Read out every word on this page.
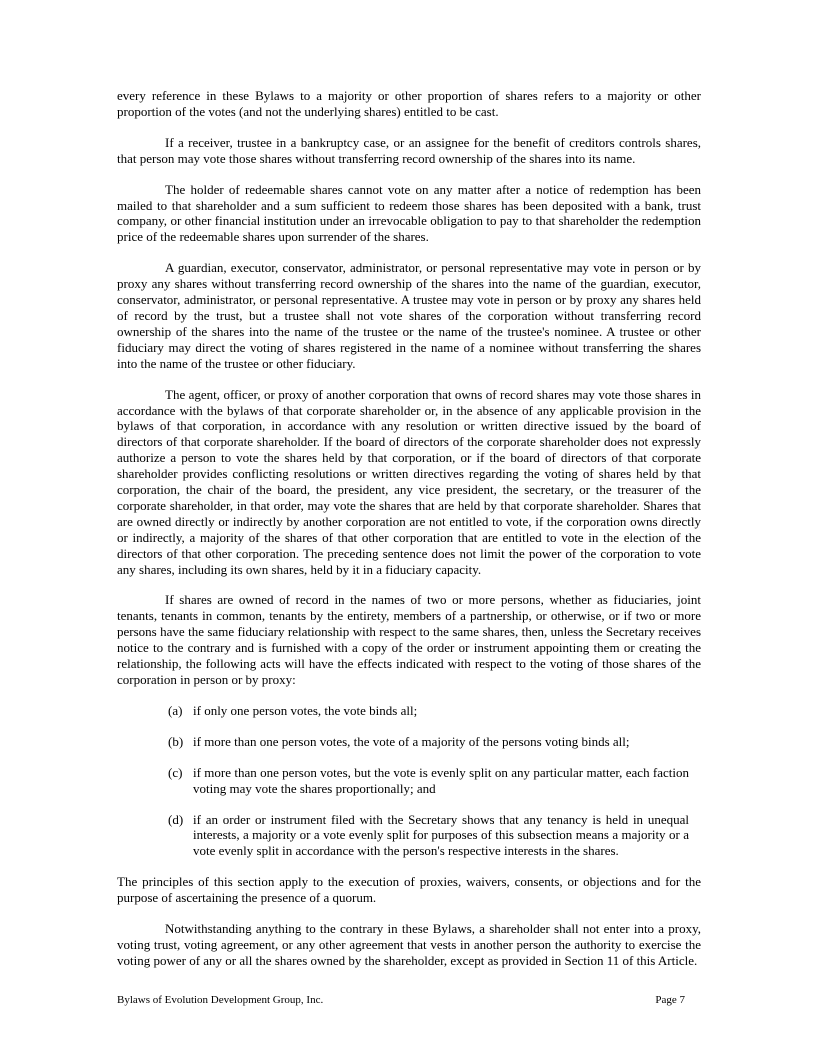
every reference in these Bylaws to a majority or other proportion of shares refers to a majority or other proportion of the votes (and not the underlying shares) entitled to be cast.

If a receiver, trustee in a bankruptcy case, or an assignee for the benefit of creditors controls shares, that person may vote those shares without transferring record ownership of the shares into its name.

The holder of redeemable shares cannot vote on any matter after a notice of redemption has been mailed to that shareholder and a sum sufficient to redeem those shares has been deposited with a bank, trust company, or other financial institution under an irrevocable obligation to pay to that shareholder the redemption price of the redeemable shares upon surrender of the shares.

A guardian, executor, conservator, administrator, or personal representative may vote in person or by proxy any shares without transferring record ownership of the shares into the name of the guardian, executor, conservator, administrator, or personal representative. A trustee may vote in person or by proxy any shares held of record by the trust, but a trustee shall not vote shares of the corporation without transferring record ownership of the shares into the name of the trustee or the name of the trustee's nominee. A trustee or other fiduciary may direct the voting of shares registered in the name of a nominee without transferring the shares into the name of the trustee or other fiduciary.

The agent, officer, or proxy of another corporation that owns of record shares may vote those shares in accordance with the bylaws of that corporate shareholder or, in the absence of any applicable provision in the bylaws of that corporation, in accordance with any resolution or written directive issued by the board of directors of that corporate shareholder. If the board of directors of the corporate shareholder does not expressly authorize a person to vote the shares held by that corporation, or if the board of directors of that corporate shareholder provides conflicting resolutions or written directives regarding the voting of shares held by that corporation, the chair of the board, the president, any vice president, the secretary, or the treasurer of the corporate shareholder, in that order, may vote the shares that are held by that corporate shareholder. Shares that are owned directly or indirectly by another corporation are not entitled to vote, if the corporation owns directly or indirectly, a majority of the shares of that other corporation that are entitled to vote in the election of the directors of that other corporation. The preceding sentence does not limit the power of the corporation to vote any shares, including its own shares, held by it in a fiduciary capacity.

If shares are owned of record in the names of two or more persons, whether as fiduciaries, joint tenants, tenants in common, tenants by the entirety, members of a partnership, or otherwise, or if two or more persons have the same fiduciary relationship with respect to the same shares, then, unless the Secretary receives notice to the contrary and is furnished with a copy of the order or instrument appointing them or creating the relationship, the following acts will have the effects indicated with respect to the voting of those shares of the corporation in person or by proxy:

(a) if only one person votes, the vote binds all;
(b) if more than one person votes, the vote of a majority of the persons voting binds all;
(c) if more than one person votes, but the vote is evenly split on any particular matter, each faction voting may vote the shares proportionally; and
(d) if an order or instrument filed with the Secretary shows that any tenancy is held in unequal interests, a majority or a vote evenly split for purposes of this subsection means a majority or a vote evenly split in accordance with the person's respective interests in the shares.

The principles of this section apply to the execution of proxies, waivers, consents, or objections and for the purpose of ascertaining the presence of a quorum.

Notwithstanding anything to the contrary in these Bylaws, a shareholder shall not enter into a proxy, voting trust, voting agreement, or any other agreement that vests in another person the authority to exercise the voting power of any or all the shares owned by the shareholder, except as provided in Section 11 of this Article.

Bylaws of Evolution Development Group, Inc.	Page 7
